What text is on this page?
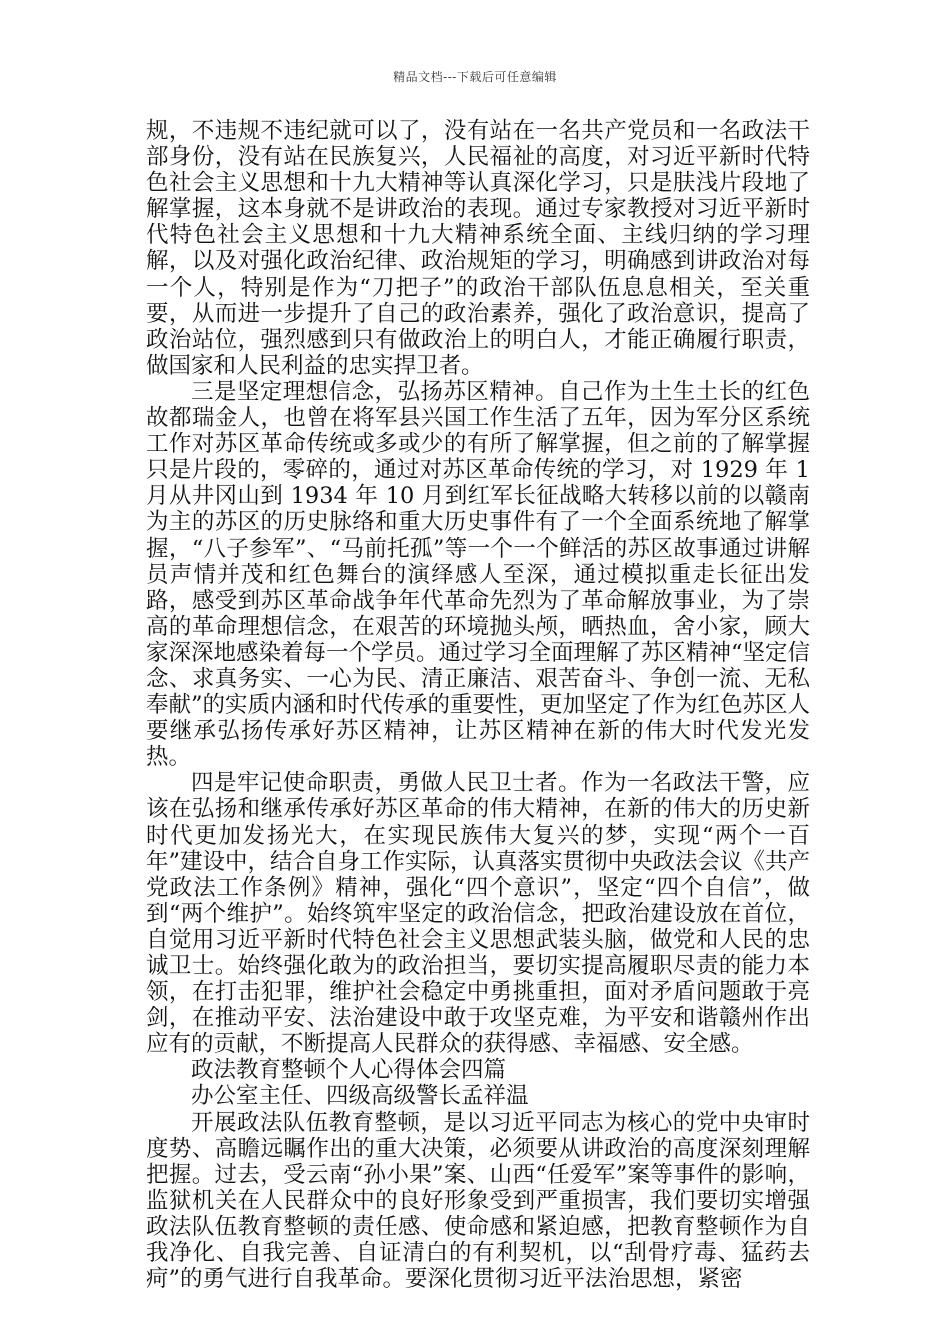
精品文档---下载后可任意编辑

规，不违规不违纪就可以了，没有站在一名共产党员和一名政法干部身份，没有站在民族复兴，人民福祉的高度，对习近平新时代特色社会主义思想和十九大精神等认真深化学习，只是肤浅片段地了解掌握，这本身就不是讲政治的表现。通过专家教授对习近平新时代特色社会主义思想和十九大精神系统全面、主线归纳的学习理解，以及对强化政治纪律、政治规矩的学习，明确感到讲政治对每一个人，特别是作为“刀把子”的政治干部队伍息息相关，至关重要，从而进一步提升了自己的政治素养，强化了政治意识，提高了政治站位，强烈感到只有做政治上的明白人，才能正确履行职责，做国家和人民利益的忠实捍卫者。

三是坚定理想信念，弘扬苏区精神。自己作为土生土长的红色故都瑞金人，也曾在将军县兴国工作生活了五年，因为军分区系统工作对苏区革命传统或多或少的有所了解掌握，但之前的了解掌握只是片段的，零碎的，通过对苏区革命传统的学习，对 1929 年 1 月从井冈山到 1934 年 10 月到红军长征战略大转移以前的以赣南为主的苏区的历史脉络和重大历史事件有了一个全面系统地了解掌握，“八子参军”、“马前托孤”等一个一个鲜活的苏区故事通过讲解员声情并茂和红色舞台的演绎感人至深，通过模拟重走长征出发路，感受到苏区革命战争年代革命先烈为了革命解放事业，为了崇高的革命理想信念，在艰苦的环境抛头颅，晒热血，舍小家，顾大家深深地感染着每一个学员。通过学习全面理解了苏区精神“坚定信念、求真务实、一心为民、清正廉洁、艰苦奋斗、争创一流、无私奉献”的实质内涵和时代传承的重要性，更加坚定了作为红色苏区人要继承弘扬传承好苏区精神，让苏区精神在新的伟大时代发光发热。

四是牢记使命职责，勇做人民卫士者。作为一名政法干警，应该在弘扬和继承传承好苏区革命的伟大精神，在新的伟大的历史新时代更加发扬光大，在实现民族伟大复兴的梦，实现“两个一百年”建设中，结合自身工作实际，认真落实贯彻中央政法会议《共产党政法工作条例》精神，强化“四个意识”，坚定“四个自信”，做到“两个维护”。始终筑牢坚定的政治信念，把政治建设放在首位，自觉用习近平新时代特色社会主义思想武装头脑，做党和人民的忠诚卫士。始终强化敢为的政治担当，要切实提高履职尽责的能力本领，在打击犯罪，维护社会稳定中勇挑重担，面对矛盾问题敢于亮剑，在推动平安、法治建设中敢于攻坚克难，为平安和谐赣州作出应有的贡献，不断提高人民群众的获得感、幸福感、安全感。

政法教育整顿个人心得体会四篇

办公室主任、四级高级警长孟祥温

开展政法队伍教育整顿，是以习近平同志为核心的党中央审时度势、高瞻远瞩作出的重大决策，必须要从讲政治的高度深刻理解把握。过去，受云南“孙小果”案、山西“任爱军”案等事件的影响，监狱机关在人民群众中的良好形象受到严重损害，我们要切实增强政法队伍教育整顿的责任感、使命感和紧迫感，把教育整顿作为自我净化、自我完善、自证清白的有利契机，以“刮骨疗毒、猛药去疴”的勇气进行自我革命。要深化贯彻习近平法治思想，紧密
